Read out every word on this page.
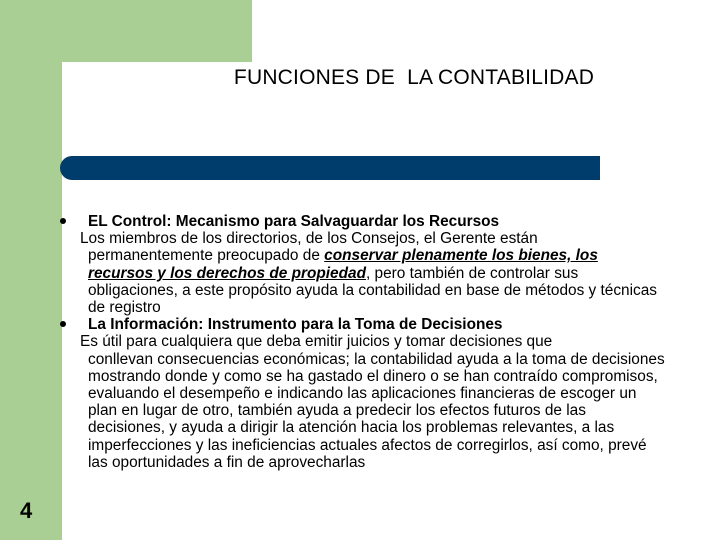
FUNCIONES DE  LA CONTABILIDAD
EL Control: Mecanismo para Salvaguardar los Recursos
Los miembros de los directorios, de los Consejos, el Gerente están
permanentemente preocupado de conservar plenamente los bienes, los recursos y los derechos de propiedad, pero también de controlar sus obligaciones, a este propósito ayuda la contabilidad en base de métodos y técnicas de registro
La Información: Instrumento para la Toma de Decisiones
Es útil para cualquiera que deba emitir juicios y tomar decisiones que
conllevan consecuencias económicas; la contabilidad ayuda a la toma de decisiones mostrando donde y como se ha gastado el dinero o se han contraído compromisos, evaluando el desempeño e indicando las aplicaciones financieras de escoger un plan en lugar de otro, también ayuda a predecir los efectos futuros de las decisiones, y ayuda a dirigir la atención hacia los problemas relevantes, a las imperfecciones y las ineficiencias actuales afectos de corregirlos, así como, prevé las oportunidades a fin de aprovecharlas
4
